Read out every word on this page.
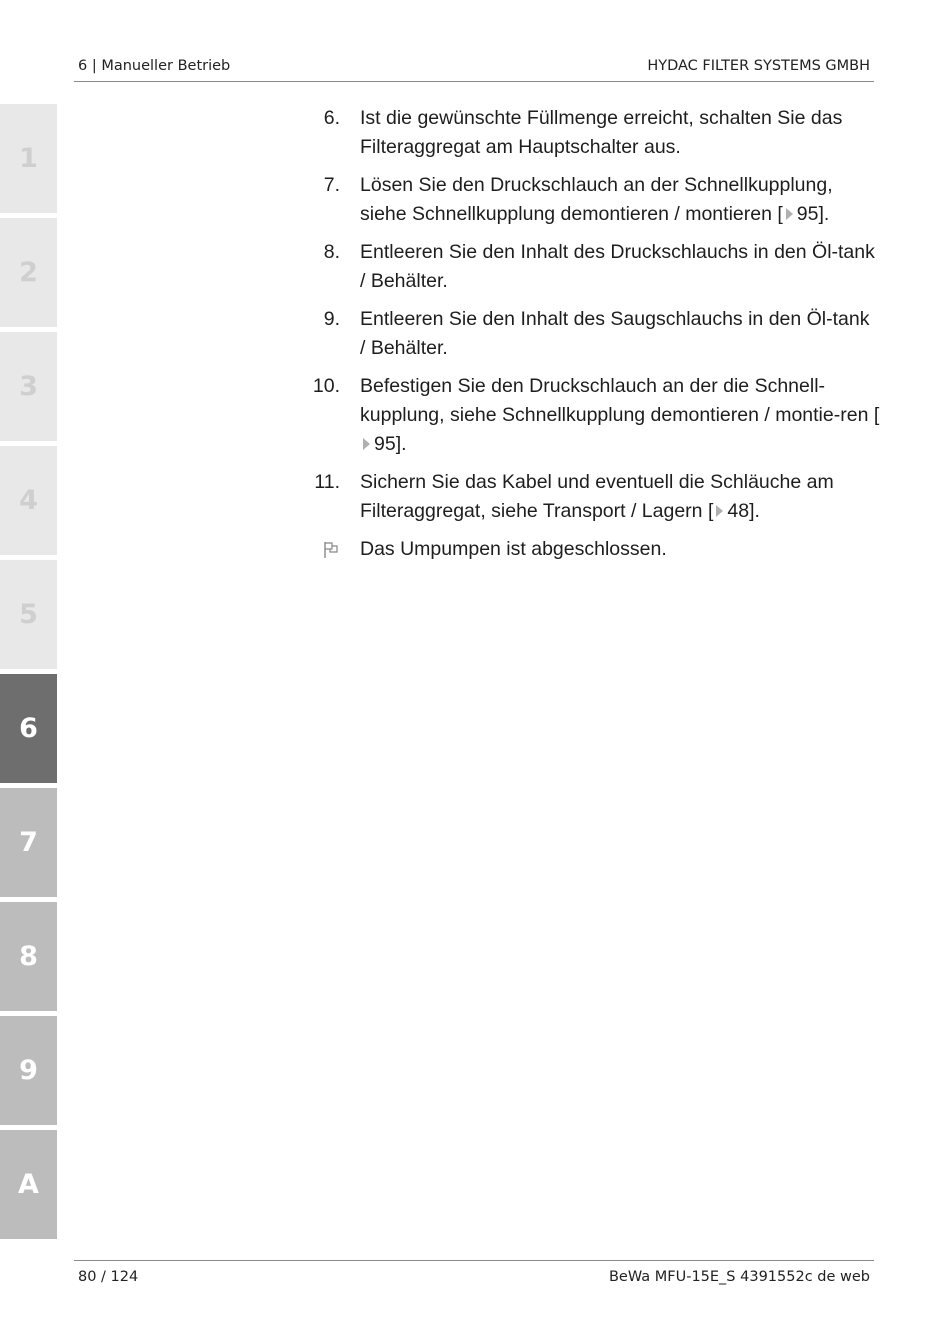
6 | Manueller Betrieb	HYDAC FILTER SYSTEMS GMBH
1
2
3
4
5
6
7
8
9
A
6. Ist die gewünschte Füllmenge erreicht, schalten Sie das Filteraggregat am Hauptschalter aus.
7. Lösen Sie den Druckschlauch an der Schnellkupplung, siehe Schnellkupplung demontieren / montieren [ 95].
8. Entleeren Sie den Inhalt des Druckschlauchs in den Öl-tank / Behälter.
9. Entleeren Sie den Inhalt des Saugschlauchs in den Öl-tank / Behälter.
10. Befestigen Sie den Druckschlauch an der die Schnell-kupplung, siehe Schnellkupplung demontieren / montie-ren [95].
11. Sichern Sie das Kabel und eventuell die Schläuche am Filteraggregat, siehe Transport / Lagern [ 48].
Das Umpumpen ist abgeschlossen.
80 / 124	BeWa MFU-15E_S 4391552c de web
